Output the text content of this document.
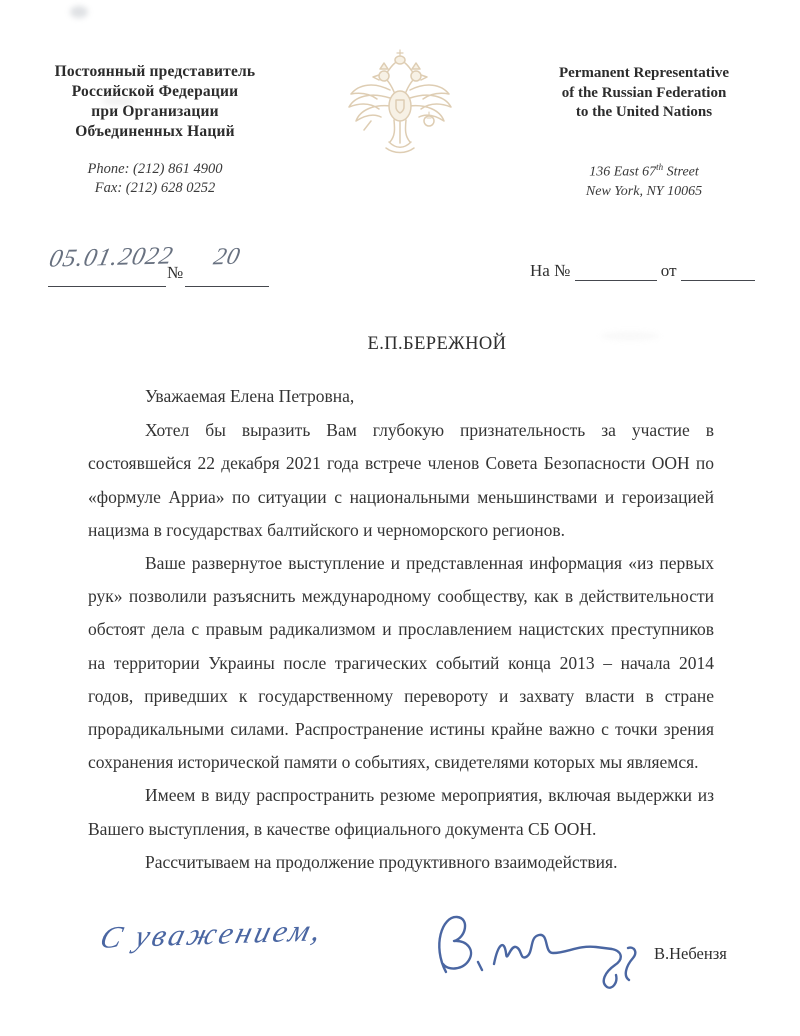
Постоянный представитель
Российской Федерации
при Организации
Объединенных Наций
Phone: (212) 861 4900
Fax: (212) 628 0252
Permanent Representative
of the Russian Federation
to the United Nations
136 East 67th Street
New York, NY 10065
05.01.2022№20
На №	от
Е.П.БЕРЕЖНОЙ

Уважаемая Елена Петровна,

Хотел бы выразить Вам глубокую признательность за участие в состоявшейся 22 декабря 2021 года встрече членов Совета Безопасности ООН по «формуле Арриа» по ситуации с национальными меньшинствами и героизацией нацизма в государствах балтийского и черноморского регионов.

Ваше развернутое выступление и представленная информация «из первых рук» позволили разъяснить международному сообществу, как в действительности обстоят дела с правым радикализмом и прославлением нацистских преступников на территории Украины после трагических событий конца 2013 – начала 2014 годов, приведших к государственному перевороту и захвату власти в стране прорадикальными силами. Распространение истины крайне важно с точки зрения сохранения исторической памяти о событиях, свидетелями которых мы являемся.

Имеем в виду распространить резюме мероприятия, включая выдержки из Вашего выступления, в качестве официального документа СБ ООН.

Рассчитываем на продолжение продуктивного взаимодействия.

С уважением,	В.Небензя
